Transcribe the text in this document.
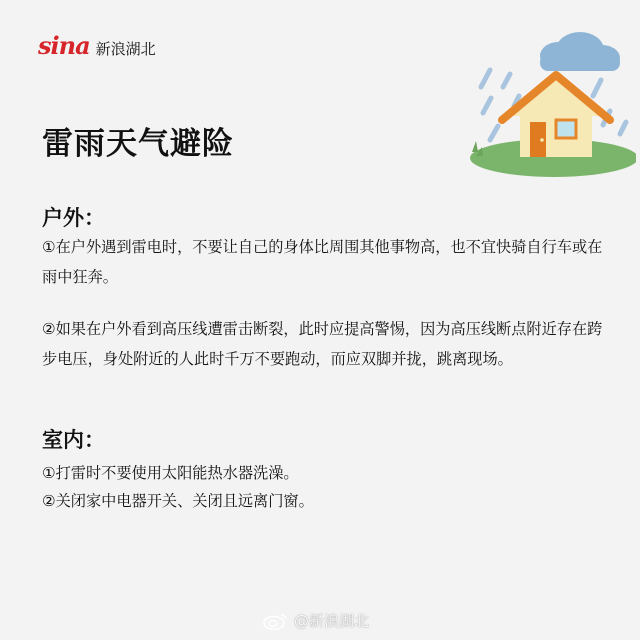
sina 新浪湖北
雷雨天气避险
户外：

①在户外遇到雷电时，不要让自己的身体比周围其他事物高，也不宜快骑自行车或在雨中狂奔。

②如果在户外看到高压线遭雷击断裂，此时应提高警惕，因为高压线断点附近存在跨步电压，身处附近的人此时千万不要跑动，而应双脚并拢，跳离现场。

室内：

①打雷时不要使用太阳能热水器洗澡。

②关闭家中电器开关、关闭且远离门窗。

@新浪湖北
